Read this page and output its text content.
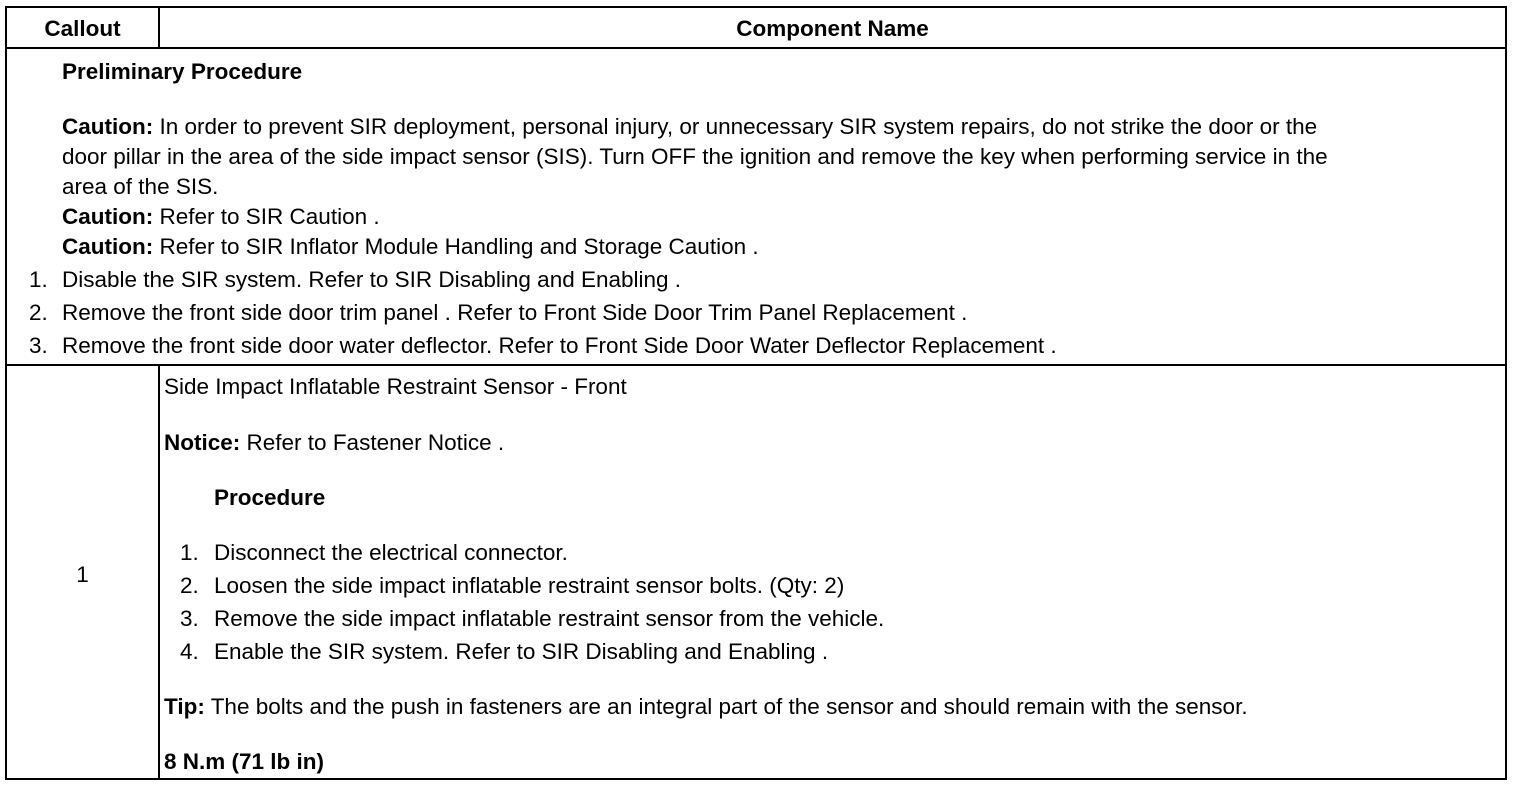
Callout	Component Name
Preliminary Procedure
Caution: In order to prevent SIR deployment, personal injury, or unnecessary SIR system repairs, do not strike the door or the
door pillar in the area of the side impact sensor (SIS). Turn OFF the ignition and remove the key when performing service in the
area of the SIS.
Caution: Refer to SIR Caution .
Caution: Refer to SIR Inflator Module Handling and Storage Caution .
1. Disable the SIR system. Refer to SIR Disabling and Enabling .
2. Remove the front side door trim panel . Refer to Front Side Door Trim Panel Replacement .
3. Remove the front side door water deflector. Refer to Front Side Door Water Deflector Replacement .
1
Side Impact Inflatable Restraint Sensor - Front
Notice: Refer to Fastener Notice .
Procedure
1. Disconnect the electrical connector.
2. Loosen the side impact inflatable restraint sensor bolts. (Qty: 2)
3. Remove the side impact inflatable restraint sensor from the vehicle.
4. Enable the SIR system. Refer to SIR Disabling and Enabling .
Tip: The bolts and the push in fasteners are an integral part of the sensor and should remain with the sensor.
8 N.m (71 lb in)
